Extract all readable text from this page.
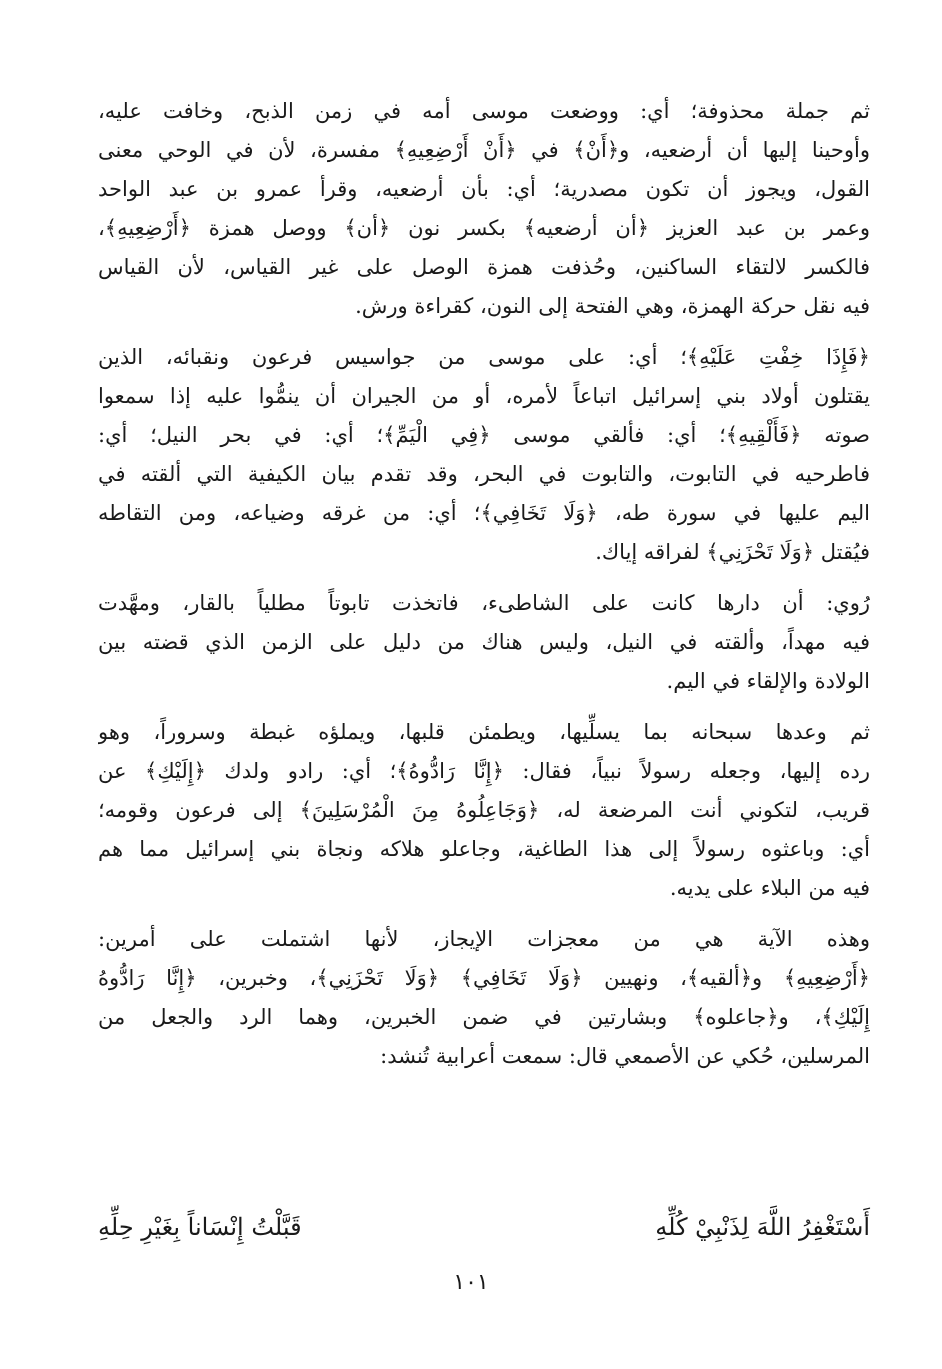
ثم جملة محذوفة؛ أي: ووضعت موسى أمه في زمن الذبح، وخافت عليه،
وأوحينا إليها أن أرضعيه، و﴿أَنْ﴾ في ﴿أَنْ أَرْضِعِيهِ﴾ مفسرة، لأن في الوحي معنى
القول، ويجوز أن تكون مصدرية؛ أي: بأن أرضعيه، وقرأ عمرو بن عبد الواحد
وعمر بن عبد العزيز ﴿أن أرضعيه﴾ بكسر نون ﴿أن﴾ ووصل همزة ﴿أَرْضِعِيهِ﴾،
فالكسر لالتقاء الساكنين، وحُذفت همزة الوصل على غير القياس، لأن القياس
فيه نقل حركة الهمزة، وهي الفتحة إلى النون، كقراءة ورش.
﴿فَإِذَا خِفْتِ عَلَيْهِ﴾؛ أي: على موسى من جواسيس فرعون ونقبائه، الذين
يقتلون أولاد بني إسرائيل اتباعاً لأمره، أو من الجيران أن ينمُّوا عليه إذا سمعوا
صوته ﴿فَأَلْقِيهِ﴾؛ أي: فألقي موسى ﴿فِي الْيَمِّ﴾؛ أي: في بحر النيل؛ أي:
فاطرحيه في التابوت، والتابوت في البحر، وقد تقدم بيان الكيفية التي ألقته في
اليم عليها في سورة طه، ﴿وَلَا تَخَافِي﴾؛ أي: من غرقه وضياعه، ومن التقاطه
فيُقتل ﴿وَلَا تَحْزَنِي﴾ لفراقه إياك.
رُوي: أن دارها كانت على الشاطىء، فاتخذت تابوتاً مطلياً بالقار، ومهَّدت
فيه مهداً، وألقته في النيل، وليس هناك من دليل على الزمن الذي قضته بين
الولادة والإلقاء في اليم.
ثم وعدها سبحانه بما يسلِّيها، ويطمئن قلبها، ويملؤه غبطة وسروراً، وهو
رده إليها، وجعله رسولاً نبياً، فقال: ﴿إِنَّا رَادُّوهُ﴾؛ أي: رادو ولدك ﴿إِلَيْكِ﴾ عن
قريب، لتكوني أنت المرضعة له، ﴿وَجَاعِلُوهُ مِنَ الْمُرْسَلِينَ﴾ إلى فرعون وقومه؛
أي: وباعثوه رسولاً إلى هذا الطاغية، وجاعلو هلاكه ونجاة بني إسرائيل مما هم
فيه من البلاء على يديه.
وهذه الآية هي من معجزات الإيجاز، لأنها اشتملت على أمرين:
﴿أَرْضِعِيهِ﴾ و﴿ألقيه﴾، ونهيين ﴿وَلَا تَخَافِي﴾ ﴿وَلَا تَحْزَنِي﴾، وخبرين، ﴿إِنَّا رَادُّوهُ
إِلَيْكِ﴾، و﴿جاعلوه﴾ وبشارتين في ضمن الخبرين، وهما الرد والجعل من
المرسلين، حُكي عن الأصمعي قال: سمعت أعرابية تُنشد:
أَسْتَغْفِرُ اللَّهَ لِذَنْبِيْ كُلِّهِ
قَبَّلْتُ إِنْسَاناً بِغَيْرِ حِلِّهِ
١٠١
